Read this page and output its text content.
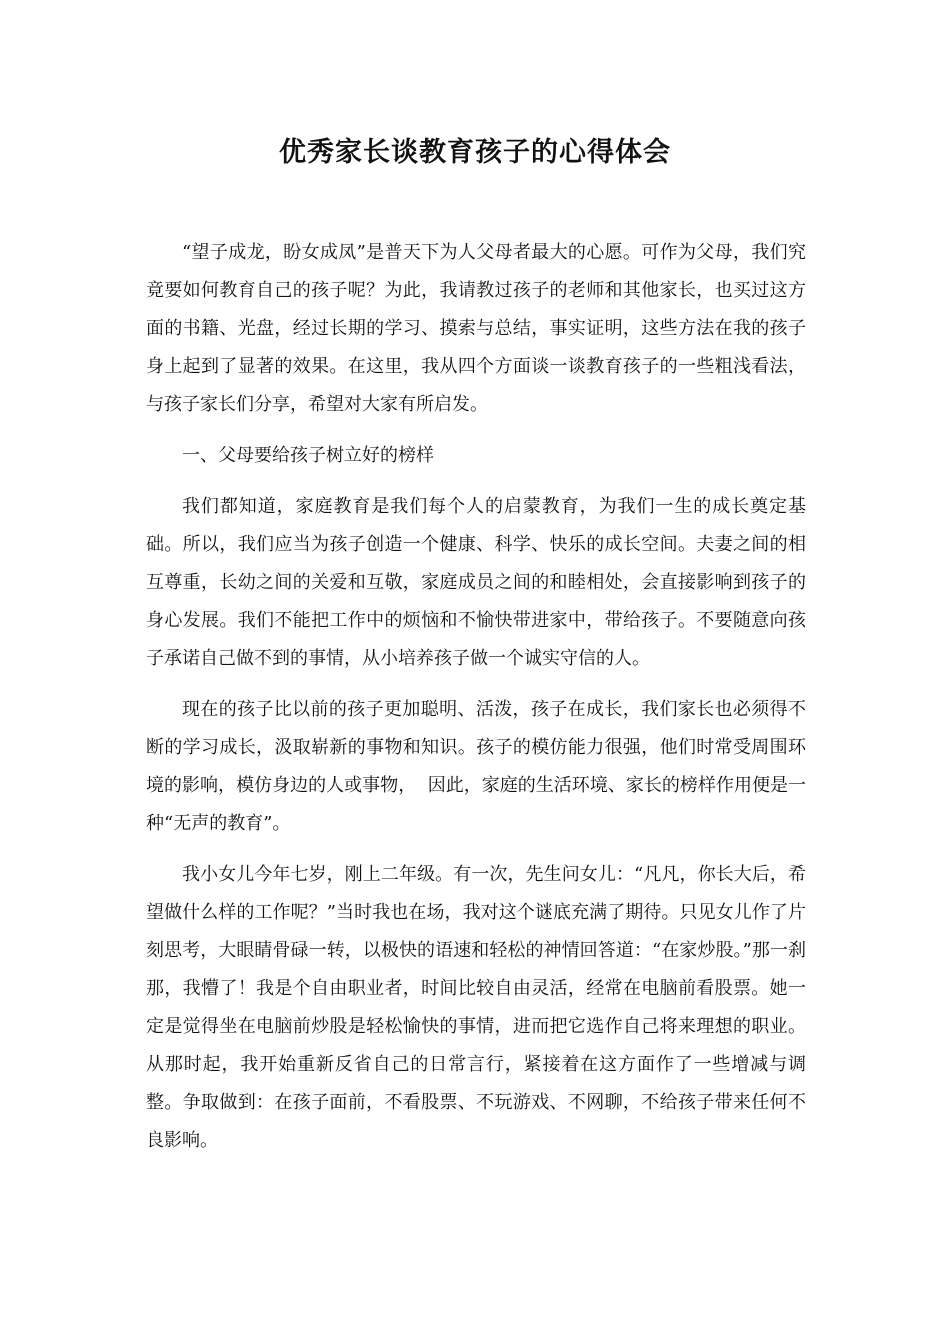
优秀家长谈教育孩子的心得体会

“望子成龙，盼女成凤”是普天下为人父母者最大的心愿。可作为父母，我们究竟要如何教育自己的孩子呢？为此，我请教过孩子的老师和其他家长，也买过这方面的书籍、光盘，经过长期的学习、摸索与总结，事实证明，这些方法在我的孩子身上起到了显著的效果。在这里，我从四个方面谈一谈教育孩子的一些粗浅看法，与孩子家长们分享，希望对大家有所启发。

一、父母要给孩子树立好的榜样

我们都知道，家庭教育是我们每个人的启蒙教育，为我们一生的成长奠定基础。所以，我们应当为孩子创造一个健康、科学、快乐的成长空间。夫妻之间的相互尊重，长幼之间的关爱和互敬，家庭成员之间的和睦相处，会直接影响到孩子的身心发展。我们不能把工作中的烦恼和不愉快带进家中，带给孩子。不要随意向孩子承诺自己做不到的事情，从小培养孩子做一个诚实守信的人。

现在的孩子比以前的孩子更加聪明、活泼，孩子在成长，我们家长也必须得不断的学习成长，汲取崭新的事物和知识。孩子的模仿能力很强，他们时常受周围环境的影响，模仿身边的人或事物，  因此，家庭的生活环境、家长的榜样作用便是一种“无声的教育”。

我小女儿今年七岁，刚上二年级。有一次，先生问女儿：“凡凡，你长大后，希望做什么样的工作呢？”当时我也在场，我对这个谜底充满了期待。只见女儿作了片刻思考，大眼睛骨碌一转，以极快的语速和轻松的神情回答道：“在家炒股。”那一刹那，我懵了！我是个自由职业者，时间比较自由灵活，经常在电脑前看股票。她一定是觉得坐在电脑前炒股是轻松愉快的事情，进而把它选作自己将来理想的职业。从那时起，我开始重新反省自己的日常言行，紧接着在这方面作了一些增减与调整。争取做到：在孩子面前，不看股票、不玩游戏、不网聊，不给孩子带来任何不良影响。
